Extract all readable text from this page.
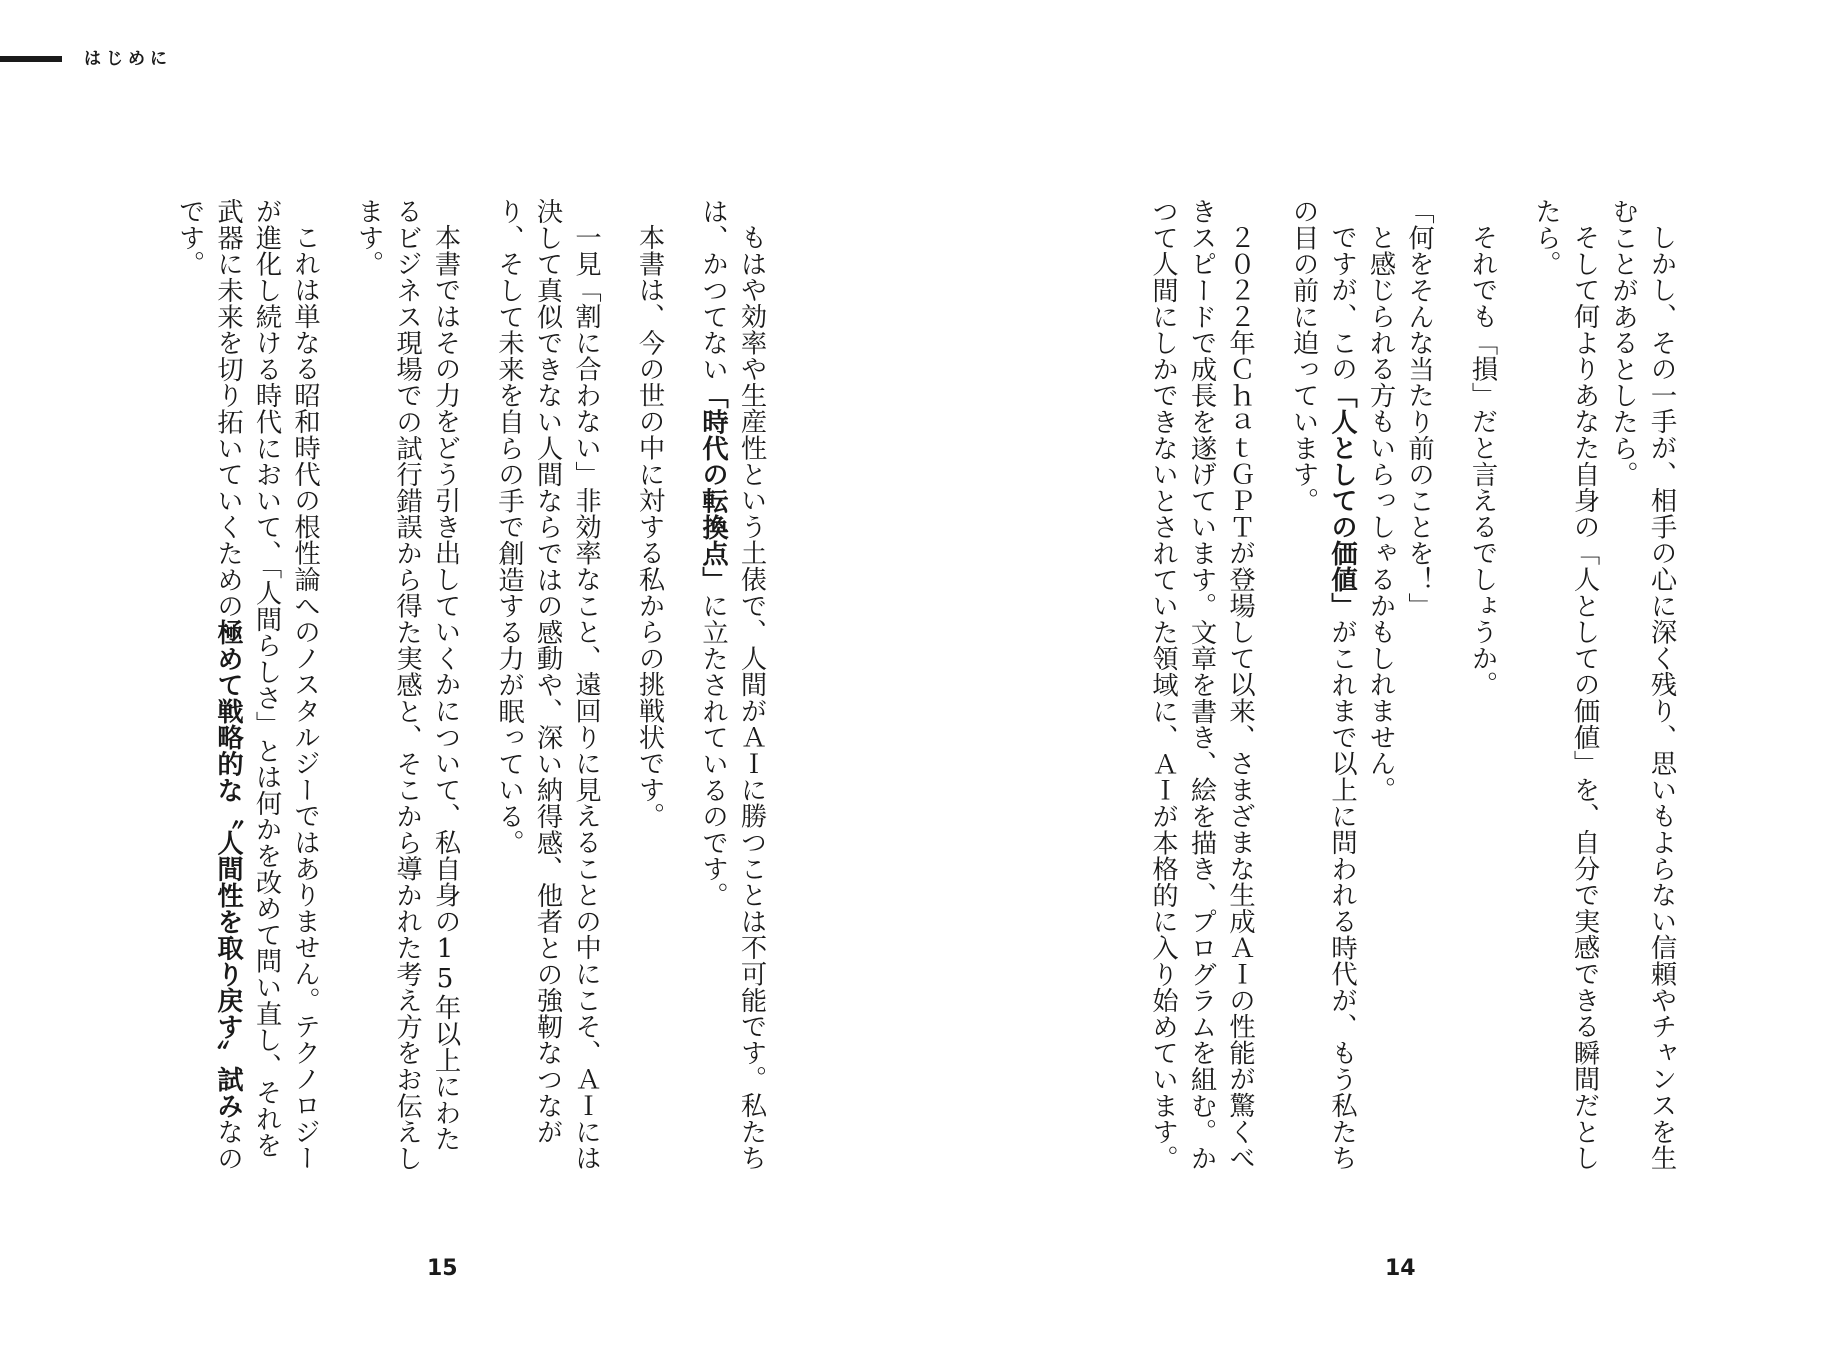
はじめに

しかし、その一手が、相手の心に深く残り、思いもよらない信頼やチャンスを生むことがあるとしたら。

そして何よりあなた自身の「人としての価値」を、自分で実感できる瞬間だとしたら。

それでも「損」だと言えるでしょうか。

「何をそんな当たり前のことを！」

と感じられる方もいらっしゃるかもしれません。

ですが、この「人としての価値」がこれまで以上に問われる時代が、もう私たちの目の前に迫っています。

２０２２年ＣｈａｔＧＰＴが登場して以来、さまざまな生成ＡＩの性能が驚くべきスピードで成長を遂げています。文章を書き、絵を描き、プログラムを組む。かつて人間にしかできないとされていた領域に、ＡＩが本格的に入り始めています。

もはや効率や生産性という土俵で、人間がＡＩに勝つことは不可能です。私たちは、かつてない「時代の転換点」に立たされているのです。

本書は、今の世の中に対する私からの挑戦状です。

一見「割に合わない」非効率なこと、遠回りに見えることの中にこそ、ＡＩには決して真似できない人間ならではの感動や、深い納得感、他者との強靭なつながり、そして未来を自らの手で創造する力が眠っている。

本書ではその力をどう引き出していくかについて、私自身の15年以上にわたるビジネス現場での試行錯誤から得た実感と、そこから導かれた考え方をお伝えします。

これは単なる昭和時代の根性論へのノスタルジーではありません。テクノロジーが進化し続ける時代において、「人間らしさ」とは何かを改めて問い直し、それを武器に未来を切り拓いていくための極めて戦略的な〝人間性を取り戻す〟試みなのです。

15	14
